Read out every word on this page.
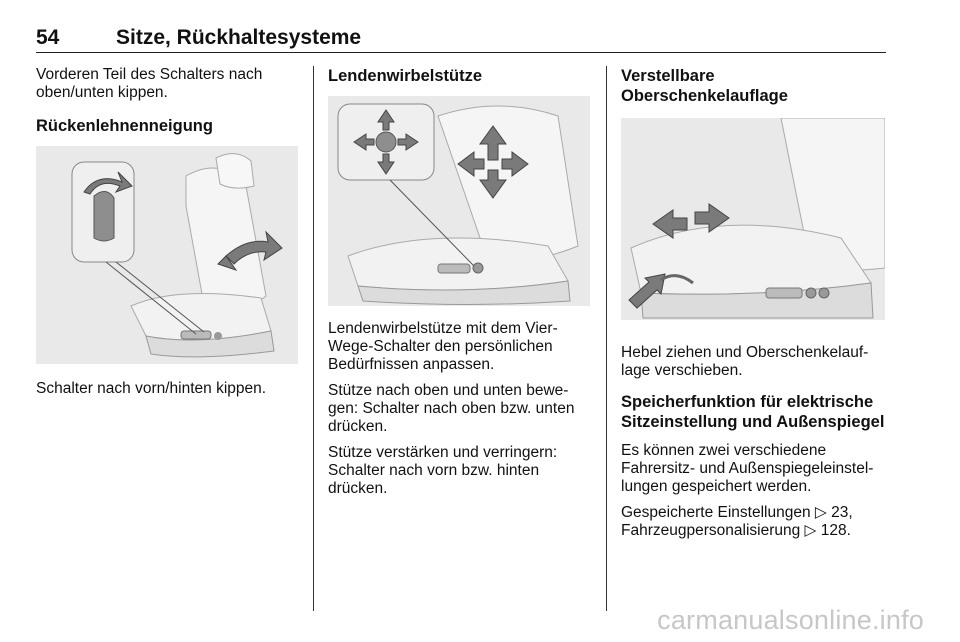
54	Sitze, Rückhaltesysteme

Vorderen Teil des Schalters nach oben/unten kippen.

Rückenlehnenneigung

Schalter nach vorn/hinten kippen.

Lendenwirbelstütze

Lendenwirbelstütze mit dem Vier-Wege-Schalter den persönlichen Bedürfnissen anpassen.

Stütze nach oben und unten bewe-gen: Schalter nach oben bzw. unten drücken.

Stütze verstärken und verringern: Schalter nach vorn bzw. hinten drücken.

Verstellbare
Oberschenkelauflage

Hebel ziehen und Oberschenkelauf-lage verschieben.

Speicherfunktion für elektrische Sitzeinstellung und Außenspiegel

Es können zwei verschiedene Fahrersitz- und Außenspiegeleinstel-lungen gespeichert werden.

Gespeicherte Einstellungen ▷ 23,
Fahrzeugpersonalisierung ▷ 128.

carmanualsonline.info
